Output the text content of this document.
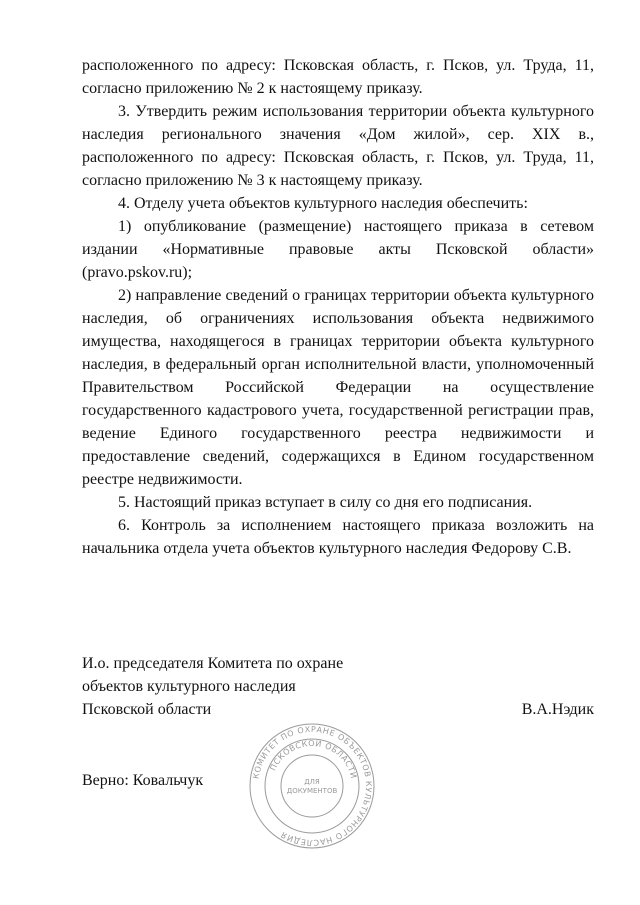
расположенного по адресу: Псковская область, г. Псков, ул. Труда, 11, согласно приложению № 2 к настоящему приказу.

3. Утвердить режим использования территории объекта культурного наследия регионального значения «Дом жилой», сер. XIX в., расположенного по адресу: Псковская область, г. Псков, ул. Труда, 11, согласно приложению № 3 к настоящему приказу.

4. Отделу учета объектов культурного наследия обеспечить:

1) опубликование (размещение) настоящего приказа в сетевом издании «Нормативные правовые акты Псковской области» (pravo.pskov.ru);

2) направление сведений о границах территории объекта культурного наследия, об ограничениях использования объекта недвижимого имущества, находящегося в границах территории объекта культурного наследия, в федеральный орган исполнительной власти, уполномоченный Правительством Российской Федерации на осуществление государственного кадастрового учета, государственной регистрации прав, ведение Единого государственного реестра недвижимости и предоставление сведений, содержащихся в Едином государственном реестре недвижимости.

5. Настоящий приказ вступает в силу со дня его подписания.

6. Контроль за исполнением настоящего приказа возложить на начальника отдела учета объектов культурного наследия Федорову С.В.

И.о. председателя Комитета по охране
объектов культурного наследия
Псковской области	В.А.Нэдик
Верно: Ковальчук	КОМИТЕТ ПО ОХРАНЕ ОБЪЕКТОВ КУЛЬТУРНОГО НАСЛЕДИЯ
ПСКОВСКОЙ ОБЛАСТИ
ДЛЯ
ДОКУМЕНТОВ
